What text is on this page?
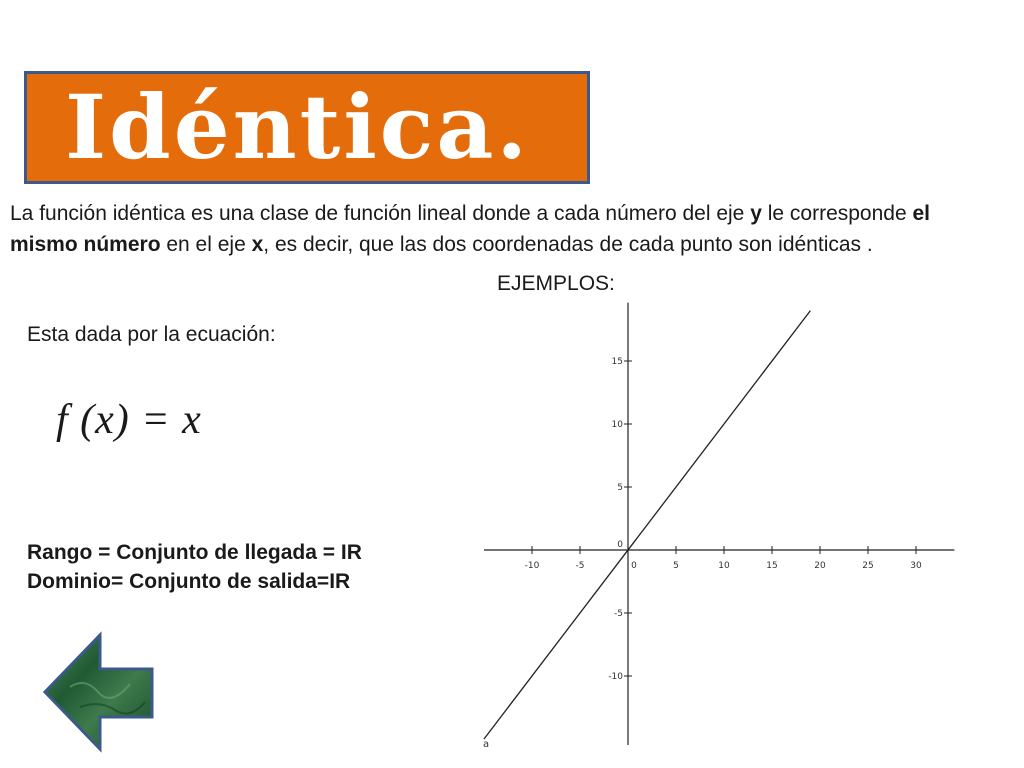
Idéntica.

La función idéntica es una clase de función lineal donde a cada número del eje y le corresponde el mismo número en el eje x, es decir, que las dos coordenadas de cada punto son idénticas .

EJEMPLOS:
Esta dada por la ecuación:
f (x) = x
Rango = Conjunto de llegada = IR
Dominio= Conjunto de salida=IR
-10	-5	0	5	10	15	20	25	30
15
10
5
0
-5
-10
a
